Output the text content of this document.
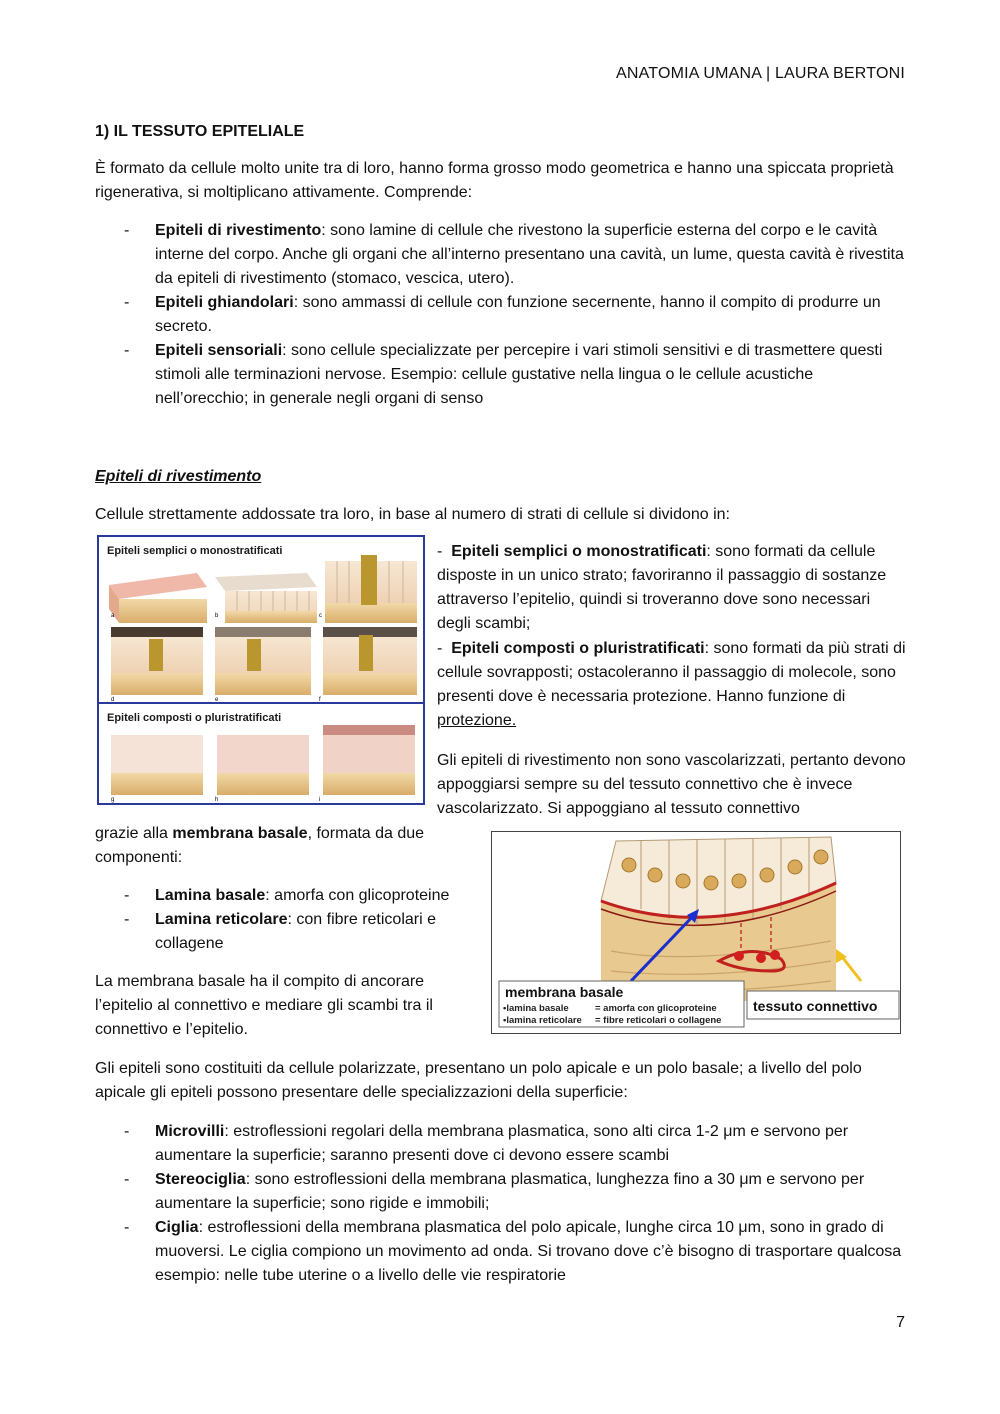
ANATOMIA UMANA | LAURA BERTONI
1) IL TESSUTO EPITELIALE
È formato da cellule molto unite tra di loro, hanno forma grosso modo geometrica e hanno una spiccata proprietà rigenerativa, si moltiplicano attivamente. Comprende:
- Epiteli di rivestimento: sono lamine di cellule che rivestono la superficie esterna del corpo e le cavità interne del corpo. Anche gli organi che all’interno presentano una cavità, un lume, questa cavità è rivestita da epiteli di rivestimento (stomaco, vescica, utero).
- Epiteli ghiandolari: sono ammassi di cellule con funzione secernente, hanno il compito di produrre un secreto.
- Epiteli sensoriali: sono cellule specializzate per percepire i vari stimoli sensitivi e di trasmettere questi stimoli alle terminazioni nervose. Esempio: cellule gustative nella lingua o le cellule acustiche nell’orecchio; in generale negli organi di senso
Epiteli di rivestimento
Cellule strettamente addossate tra loro, in base al numero di strati di cellule si dividono in:
Epiteli semplici o monostratificati
Epiteli composti o pluristratificati
a	b	c
d	e	f
g	h	i
- Epiteli semplici o monostratificati: sono formati da cellule disposte in un unico strato; favoriranno il passaggio di sostanze attraverso l’epitelio, quindi si troveranno dove sono necessari degli scambi;
- Epiteli composti o pluristratificati: sono formati da più strati di cellule sovrapposti; ostacoleranno il passaggio di molecole, sono presenti dove è necessaria protezione. Hanno funzione di protezione.
Gli epiteli di rivestimento non sono vascolarizzati, pertanto devono appoggiarsi sempre su del tessuto connettivo che è invece vascolarizzato. Si appoggiano al tessuto connettivo
grazie alla membrana basale, formata da due componenti:
- Lamina basale: amorfa con glicoproteine
- Lamina reticolare: con fibre reticolari e collagene
La membrana basale ha il compito di ancorare l’epitelio al connettivo e mediare gli scambi tra il connettivo e l’epitelio.
membrana basale
•lamina basale	= amorfa con glicoproteine
•lamina reticolare = fibre reticolari o collagene
tessuto connettivo
Gli epiteli sono costituiti da cellule polarizzate, presentano un polo apicale e un polo basale; a livello del polo apicale gli epiteli possono presentare delle specializzazioni della superficie:
- Microvilli: estroflessioni regolari della membrana plasmatica, sono alti circa 1-2 μm e servono per aumentare la superficie; saranno presenti dove ci devono essere scambi
- Stereociglia: sono estroflessioni della membrana plasmatica, lunghezza fino a 30 μm e servono per aumentare la superficie; sono rigide e immobili;
- Ciglia: estroflessioni della membrana plasmatica del polo apicale, lunghe circa 10 μm, sono in grado di muoversi. Le ciglia compiono un movimento ad onda. Si trovano dove c’è bisogno di trasportare qualcosa esempio: nelle tube uterine o a livello delle vie respiratorie
7
